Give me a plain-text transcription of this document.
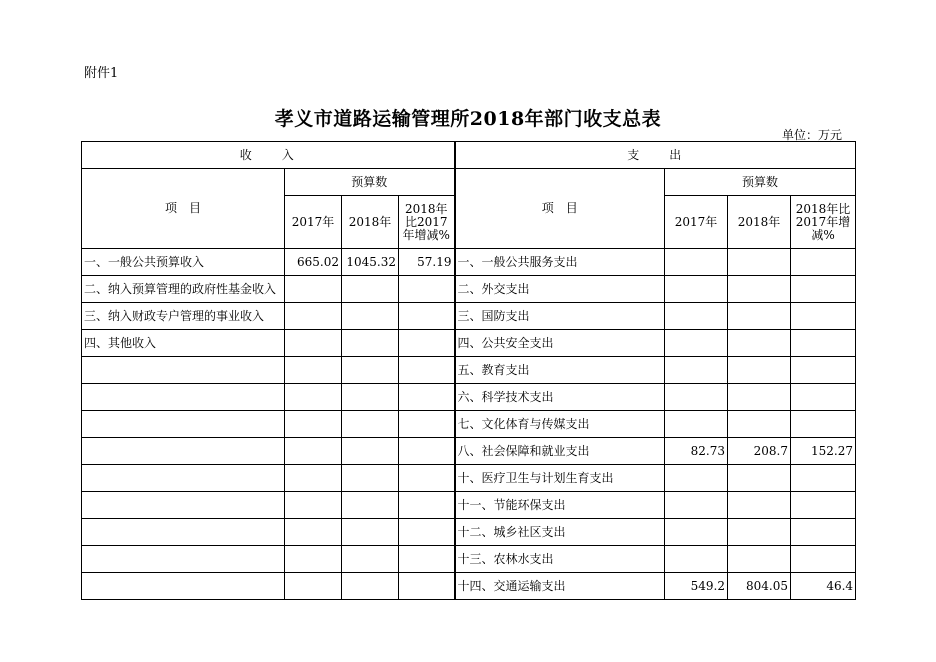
附件1
孝义市道路运输管理所2018年部门收支总表
单位：万元
收　　入				支　　出			
项　目	预算数			项　目	预算数		
	2017年	2018年	2018年比2017年增减%		2017年	2018年	2018年比2017年增减%
一、一般公共预算收入	665.02	1045.32	57.19	一、一般公共服务支出			
二、纳入预算管理的政府性基金收入				二、外交支出			
三、纳入财政专户管理的事业收入				三、国防支出			
四、其他收入				四、公共安全支出			
				五、教育支出			
				六、科学技术支出			
				七、文化体育与传媒支出			
				八、社会保障和就业支出	82.73	208.7	152.27
				十、医疗卫生与计划生育支出			
				十一、节能环保支出			
				十二、城乡社区支出			
				十三、农林水支出			
				十四、交通运输支出	549.2	804.05	46.4
